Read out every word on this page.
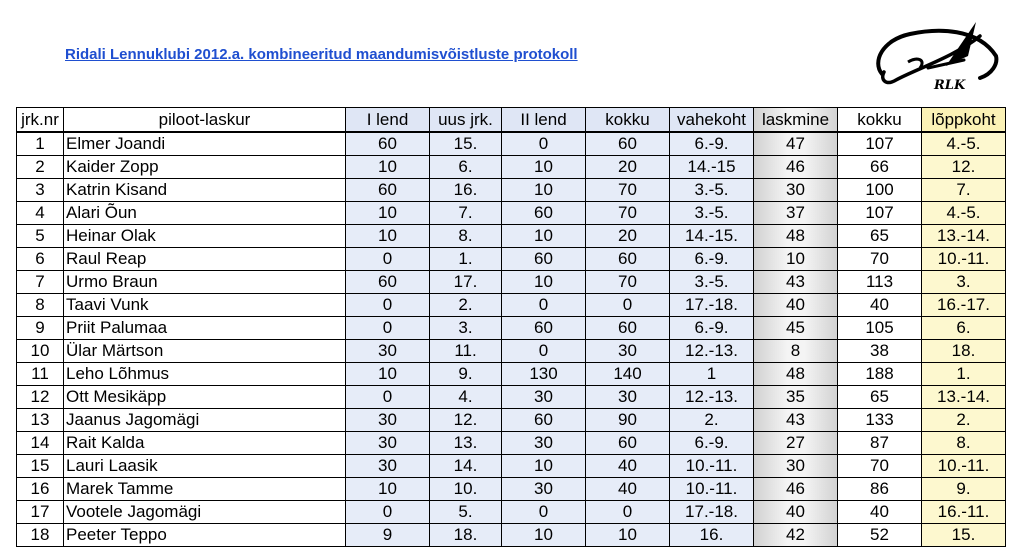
Ridali Lennuklubi 2012.a. kombineeritud maandumisvõistluste protokoll
RLK
jrk.nr	piloot-laskur	I lend	uus jrk.	II lend	kokku	vahekoht	laskmine	kokku	lõppkoht
1	Elmer Joandi	60	15.	0	60	6.-9.	47	107	4.-5.
2	Kaider Zopp	10	6.	10	20	14.-15	46	66	12.
3	Katrin Kisand	60	16.	10	70	3.-5.	30	100	7.
4	Alari Õun	10	7.	60	70	3.-5.	37	107	4.-5.
5	Heinar Olak	10	8.	10	20	14.-15.	48	65	13.-14.
6	Raul Reap	0	1.	60	60	6.-9.	10	70	10.-11.
7	Urmo Braun	60	17.	10	70	3.-5.	43	113	3.
8	Taavi Vunk	0	2.	0	0	17.-18.	40	40	16.-17.
9	Priit Palumaa	0	3.	60	60	6.-9.	45	105	6.
10	Ülar Märtson	30	11.	0	30	12.-13.	8	38	18.
11	Leho Lõhmus	10	9.	130	140	1	48	188	1.
12	Ott Mesikäpp	0	4.	30	30	12.-13.	35	65	13.-14.
13	Jaanus Jagomägi	30	12.	60	90	2.	43	133	2.
14	Rait Kalda	30	13.	30	60	6.-9.	27	87	8.
15	Lauri Laasik	30	14.	10	40	10.-11.	30	70	10.-11.
16	Marek Tamme	10	10.	30	40	10.-11.	46	86	9.
17	Vootele Jagomägi	0	5.	0	0	17.-18.	40	40	16.-11.
18	Peeter Teppo	9	18.	10	10	16.	42	52	15.
